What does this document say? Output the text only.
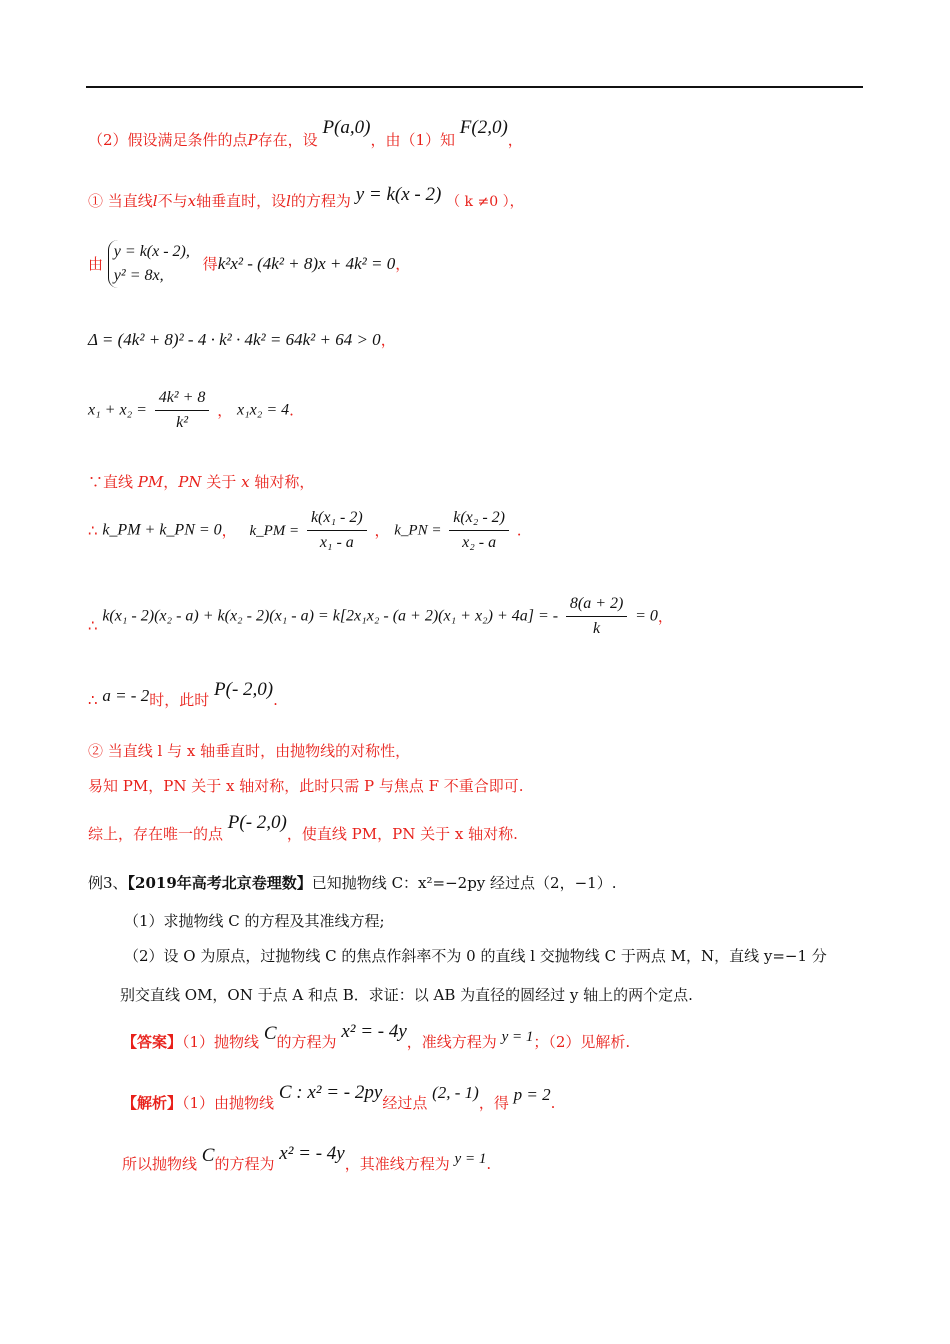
（2）假设满足条件的点P存在，设 P(a,0)，由（1）知 F(2,0)，
① 当直线l不与x轴垂直时，设l的方程为 y = k(x - 2) （ k ≠0 ），
由
y = k(x - 2),
y² = 8x,
得k²x² - (4k² + 8)x + 4k² = 0，
Δ = (4k² + 8)² - 4 · k² · 4k² = 64k² + 64 > 0，
$x_1 + x_2 = \frac{\text{4k² + 8}}{\text{k²}}$ ， x₁x₂ = 4.
∵直线 PM，PN 关于 x 轴对称，
∴ k_PM + k_PN = 0， k_PM = $\frac{\text{k(x₁ - 2)}}{\text{x₁ - a}}$ ， k_PN = $\frac{\text{k(x₂ - 2)}}{\text{x₂ - a}}$ .
∴ k(x₁ - 2)(x₂ - a) + k(x₂ - 2)(x₁ - a) = k[2x₁x₂ - (a + 2)(x₁ + x₂) + 4a] = - $\frac{8(a + 2)}{k} = 0$，
∴ a = - 2时，此时 P(- 2,0).
② 当直线 l 与 x 轴垂直时，由抛物线的对称性，
易知 PM，PN 关于 x 轴对称，此时只需 P 与焦点 F 不重合即可.
综上，存在唯一的点 P(- 2,0)，使直线 PM，PN 关于 x 轴对称.
例3、【2019年高考北京卷理数】已知抛物线 C：x²=−2py 经过点（2，−1）.
（1）求抛物线 C 的方程及其准线方程;
（2）设 O 为原点，过抛物线 C 的焦点作斜率不为 0 的直线 l 交抛物线 C 于两点 M，N，直线 y=−1 分
别交直线 OM，ON 于点 A 和点 B．求证：以 AB 为直径的圆经过 y 轴上的两个定点.
【答案】（1）抛物线 C的方程为 x² = - 4y，准线方程为 y = 1；（2）见解析.
【解析】（1）由抛物线 C : x² = - 2py经过点 (2, - 1)，得 p = 2.
所以抛物线 C的方程为 x² = - 4y，其准线方程为 y = 1.
